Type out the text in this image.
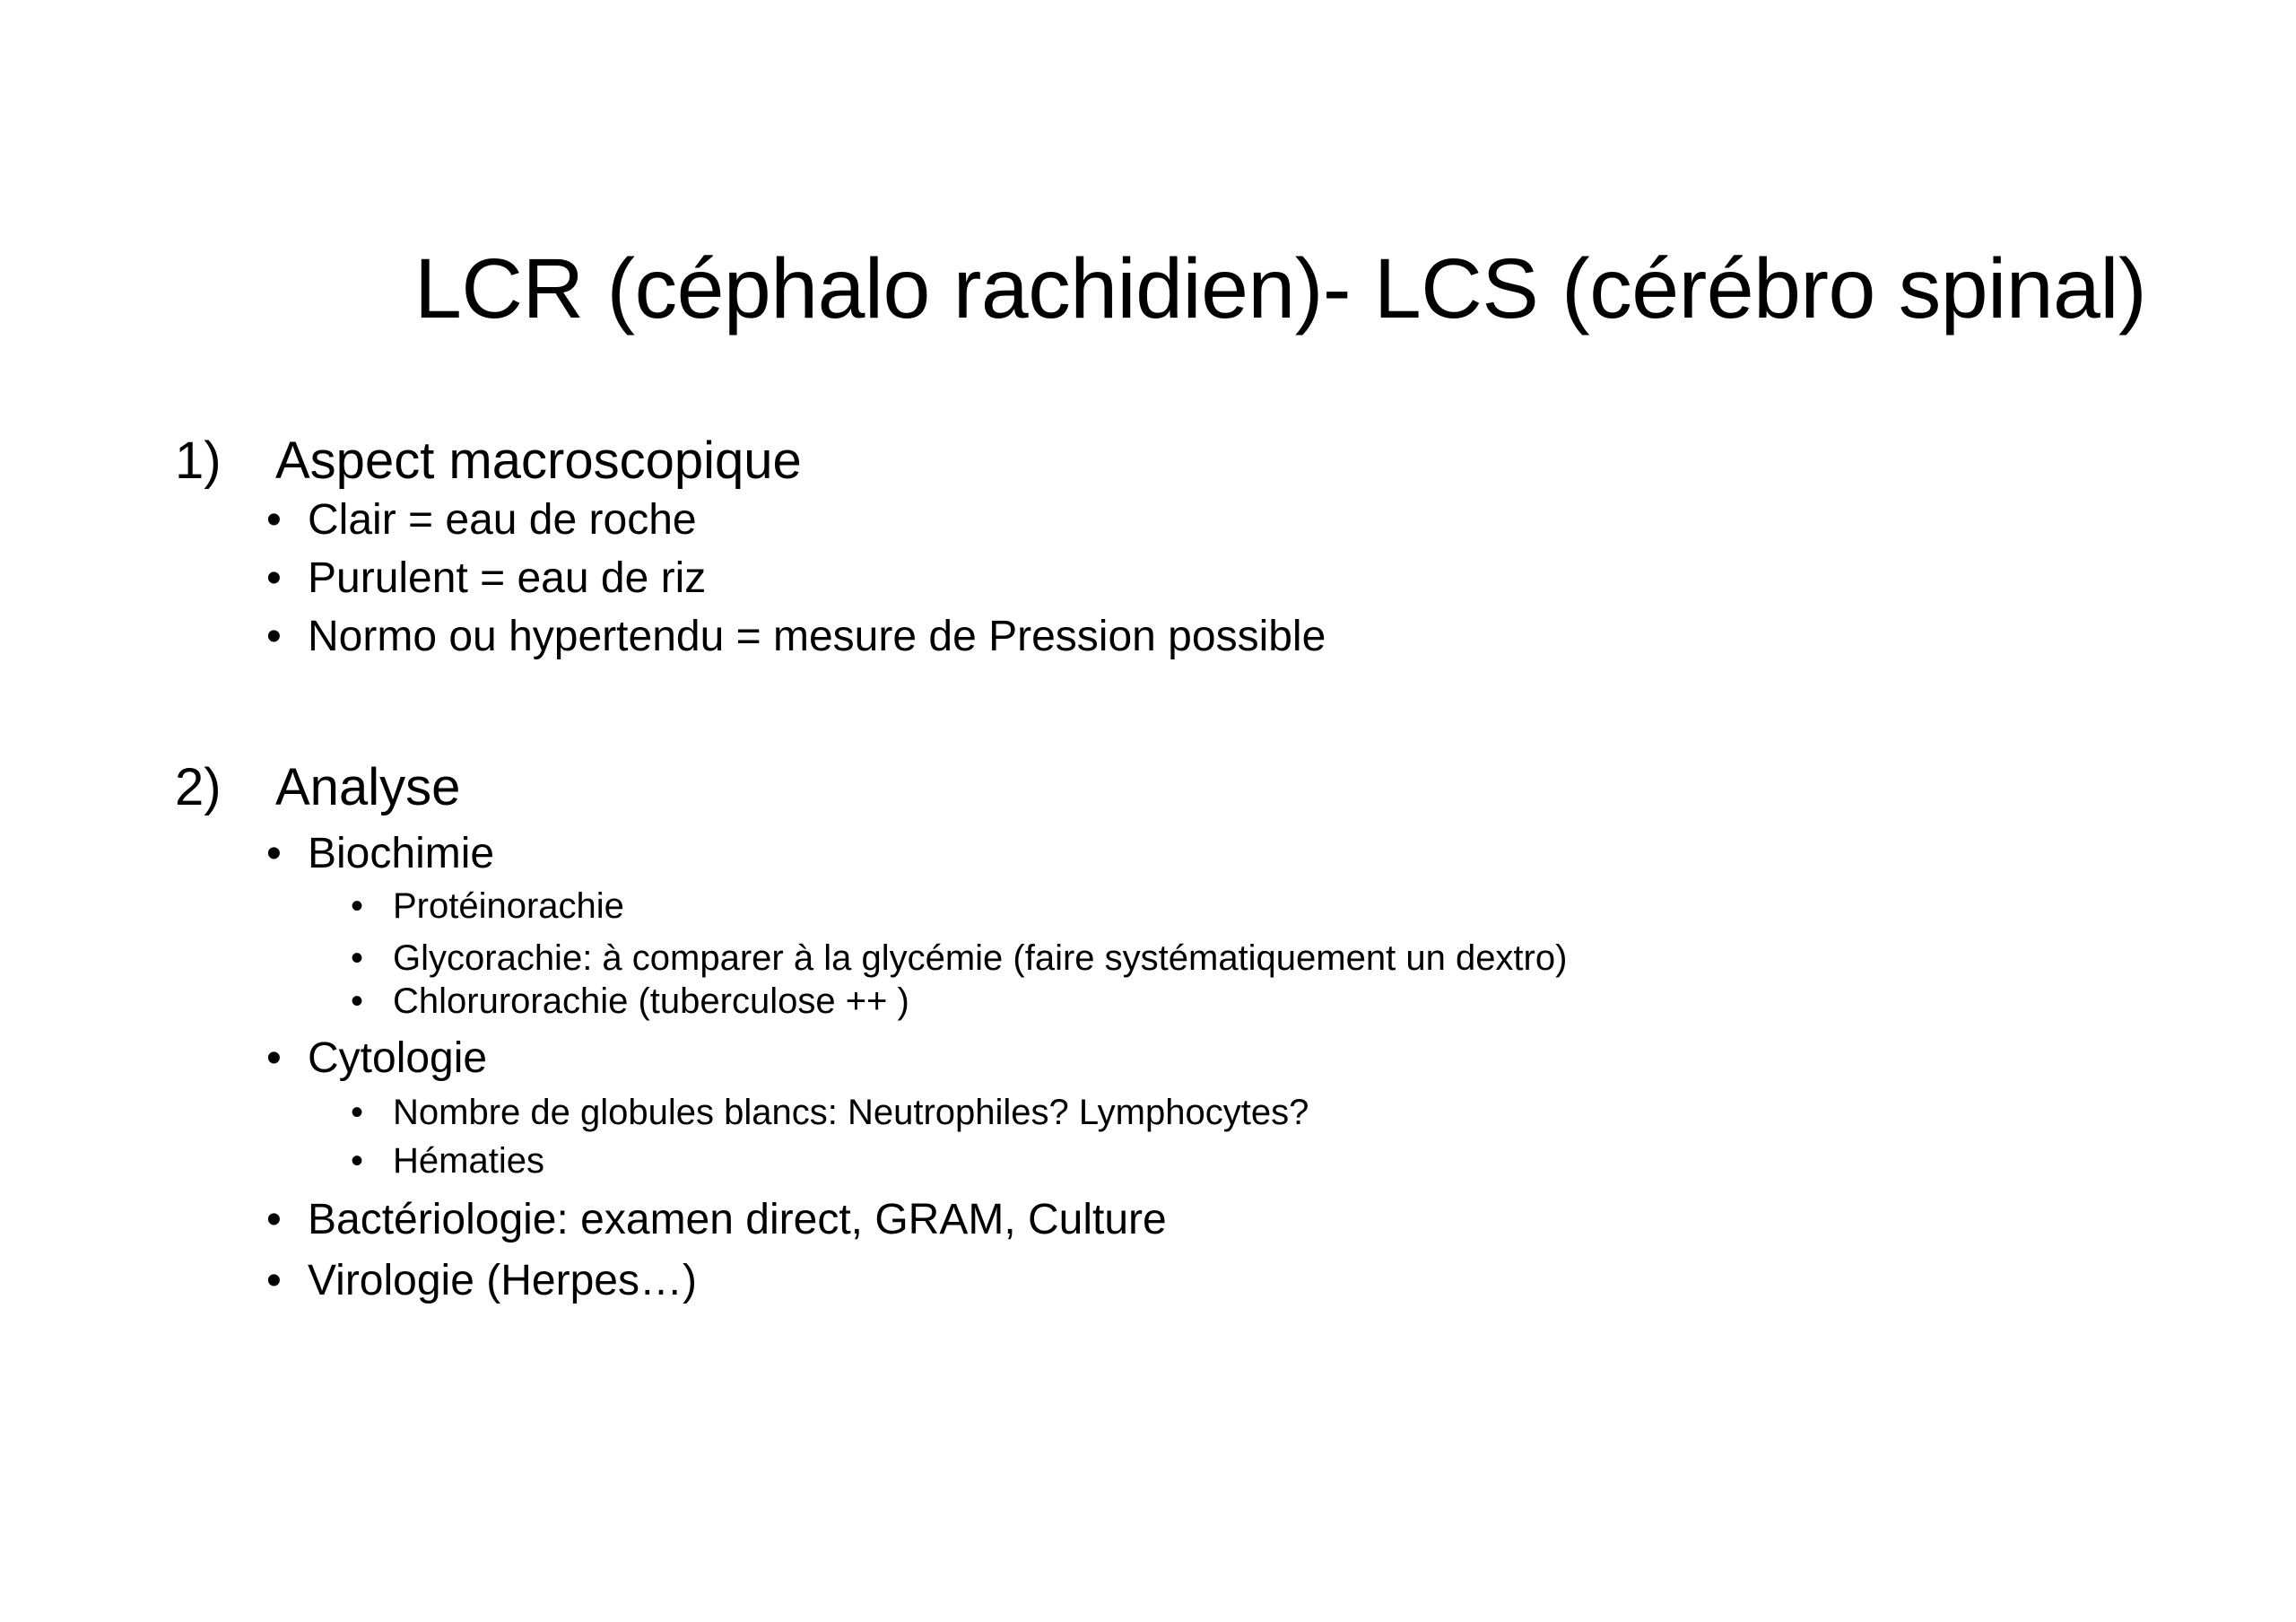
LCR (céphalo rachidien)- LCS (cérébro spinal)
1) Aspect macroscopique
• Clair = eau de roche
• Purulent = eau de riz
• Normo ou hypertendu = mesure de Pression possible
2) Analyse
• Biochimie
• Protéinorachie
• Glycorachie: à comparer à la glycémie (faire systématiquement un dextro)
• Chlorurorachie (tuberculose ++ )
• Cytologie
• Nombre de globules blancs: Neutrophiles? Lymphocytes?
• Hématies
• Bactériologie: examen direct, GRAM, Culture
• Virologie (Herpes…)
